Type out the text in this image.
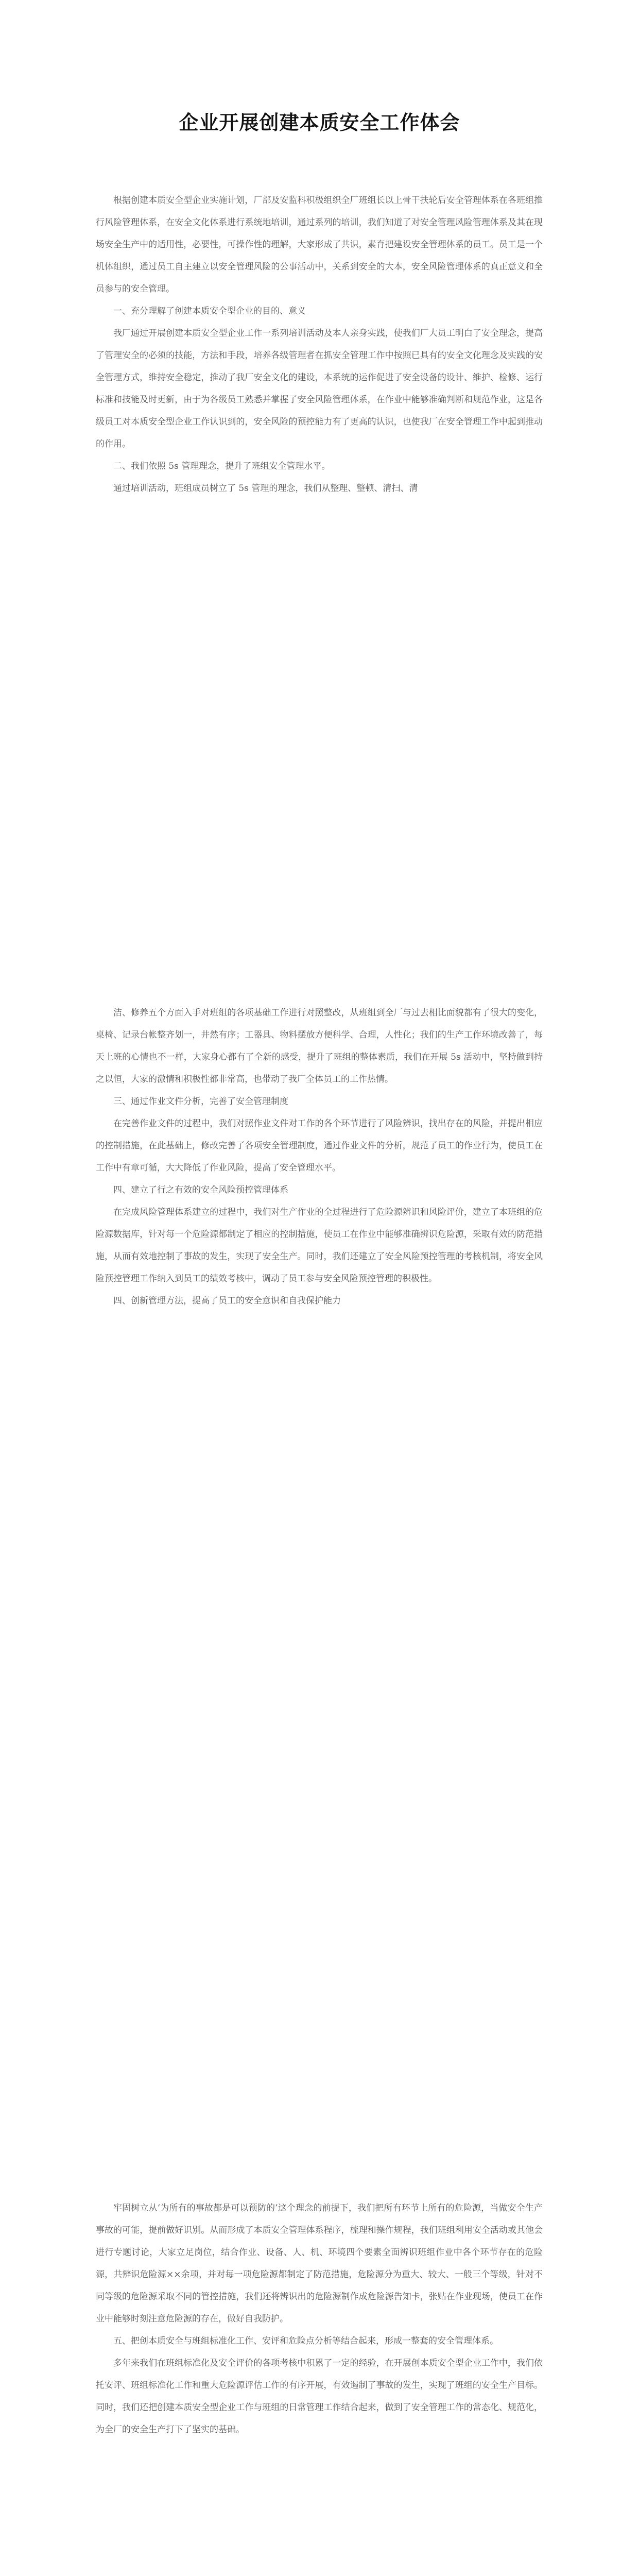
企业开展创建本质安全工作体会

根据创建本质安全型企业实施计划，厂部及安监科积极组织全厂班组长以上骨干扶轮后安全管理体系在各班组推行风险管理体系，在安全文化体系进行系统地培训，通过系列的培训，我们知道了对安全管理风险管理体系及其在现场安全生产中的适用性，必要性，可操作性的理解，大家形成了共识，素育把建设安全管理体系的员工。员工是一个机体组织，通过员工自主建立以安全管理风险的公事活动中，关系到安全的大本，安全风险管理体系的真正意义和全员参与的安全管理。

一、充分理解了创建本质安全型企业的目的、意义

我厂通过开展创建本质安全型企业工作一系列培训活动及本人亲身实践，使我们厂大员工明白了安全理念，提高了管理安全的必须的技能，方法和手段，培养各级管理者在抓安全管理工作中按照已具有的安全文化理念及实践的安全管理方式，维持安全稳定，推动了我厂安全文化的建设，本系统的运作促进了安全设备的设计、维护、检修、运行标准和技能及时更新，由于为各级员工熟悉并掌握了安全风险管理体系，在作业中能够准确判断和规范作业，这是各级员工对本质安全型企业工作认识到的，安全风险的预控能力有了更高的认识，也使我厂在安全管理工作中起到推动的作用。

二、我们依照 5s 管理理念，提升了班组安全管理水平。

通过培训活动，班组成员树立了 5s 管理的理念，我们从整理、整顿、清扫、清

洁、修养五个方面入手对班组的各项基础工作进行对照整改，从班组到全厂与过去相比面貌都有了很大的变化，桌椅、记录台帐整齐划一，井然有序；工器具、物料摆放方便科学、合理，人性化；我们的生产工作环境改善了，每天上班的心情也不一样，大家身心都有了全新的感受，提升了班组的整体素质，我们在开展 5s 活动中，坚持做到持之以恒，大家的激情和积极性都非常高，也带动了我厂全体员工的工作热情。

三、通过作业文件分析，完善了安全管理制度

在完善作业文件的过程中，我们对照作业文件对工作的各个环节进行了风险辨识，找出存在的风险，并提出相应的控制措施，在此基础上，修改完善了各项安全管理制度，通过作业文件的分析，规范了员工的作业行为，使员工在工作中有章可循，大大降低了作业风险，提高了安全管理水平。

四、建立了行之有效的安全风险预控管理体系

在完成风险管理体系建立的过程中，我们对生产作业的全过程进行了危险源辨识和风险评价，建立了本班组的危险源数据库，针对每一个危险源都制定了相应的控制措施，使员工在作业中能够准确辨识危险源，采取有效的防范措施，从而有效地控制了事故的发生，实现了安全生产。同时，我们还建立了安全风险预控管理的考核机制，将安全风险预控管理工作纳入到员工的绩效考核中，调动了员工参与安全风险预控管理的积极性。

四、创新管理方法，提高了员工的安全意识和自我保护能力

牢固树立从‘为所有的事故都是可以预防的’这个理念的前提下，我们把所有环节上所有的危险源，当做安全生产事故的可能，提前做好识别。从而形成了本质安全管理体系程序，梳理和操作规程，我们班组利用安全活动或其他会进行专题讨论，大家立足岗位，结合作业、设备、人、机、环境四个要素全面辨识班组作业中各个环节存在的危险源，共辨识危险源××余项，并对每一项危险源都制定了防范措施，危险源分为重大、较大、一般三个等级，针对不同等级的危险源采取不同的管控措施，我们还将辨识出的危险源制作成危险源告知卡，张贴在作业现场，使员工在作业中能够时刻注意危险源的存在，做好自我防护。

五、把创本质安全与班组标准化工作、安评和危险点分析等结合起来，形成一整套的安全管理体系。

多年来我们在班组标准化及安全评价的各项考核中积累了一定的经验，在开展创本质安全型企业工作中，我们依托安评、班组标准化工作和重大危险源评估工作的有序开展，有效遏制了事故的发生，实现了班组的安全生产目标。同时，我们还把创建本质安全型企业工作与班组的日常管理工作结合起来，做到了安全管理工作的常态化、规范化，为全厂的安全生产打下了坚实的基础。
